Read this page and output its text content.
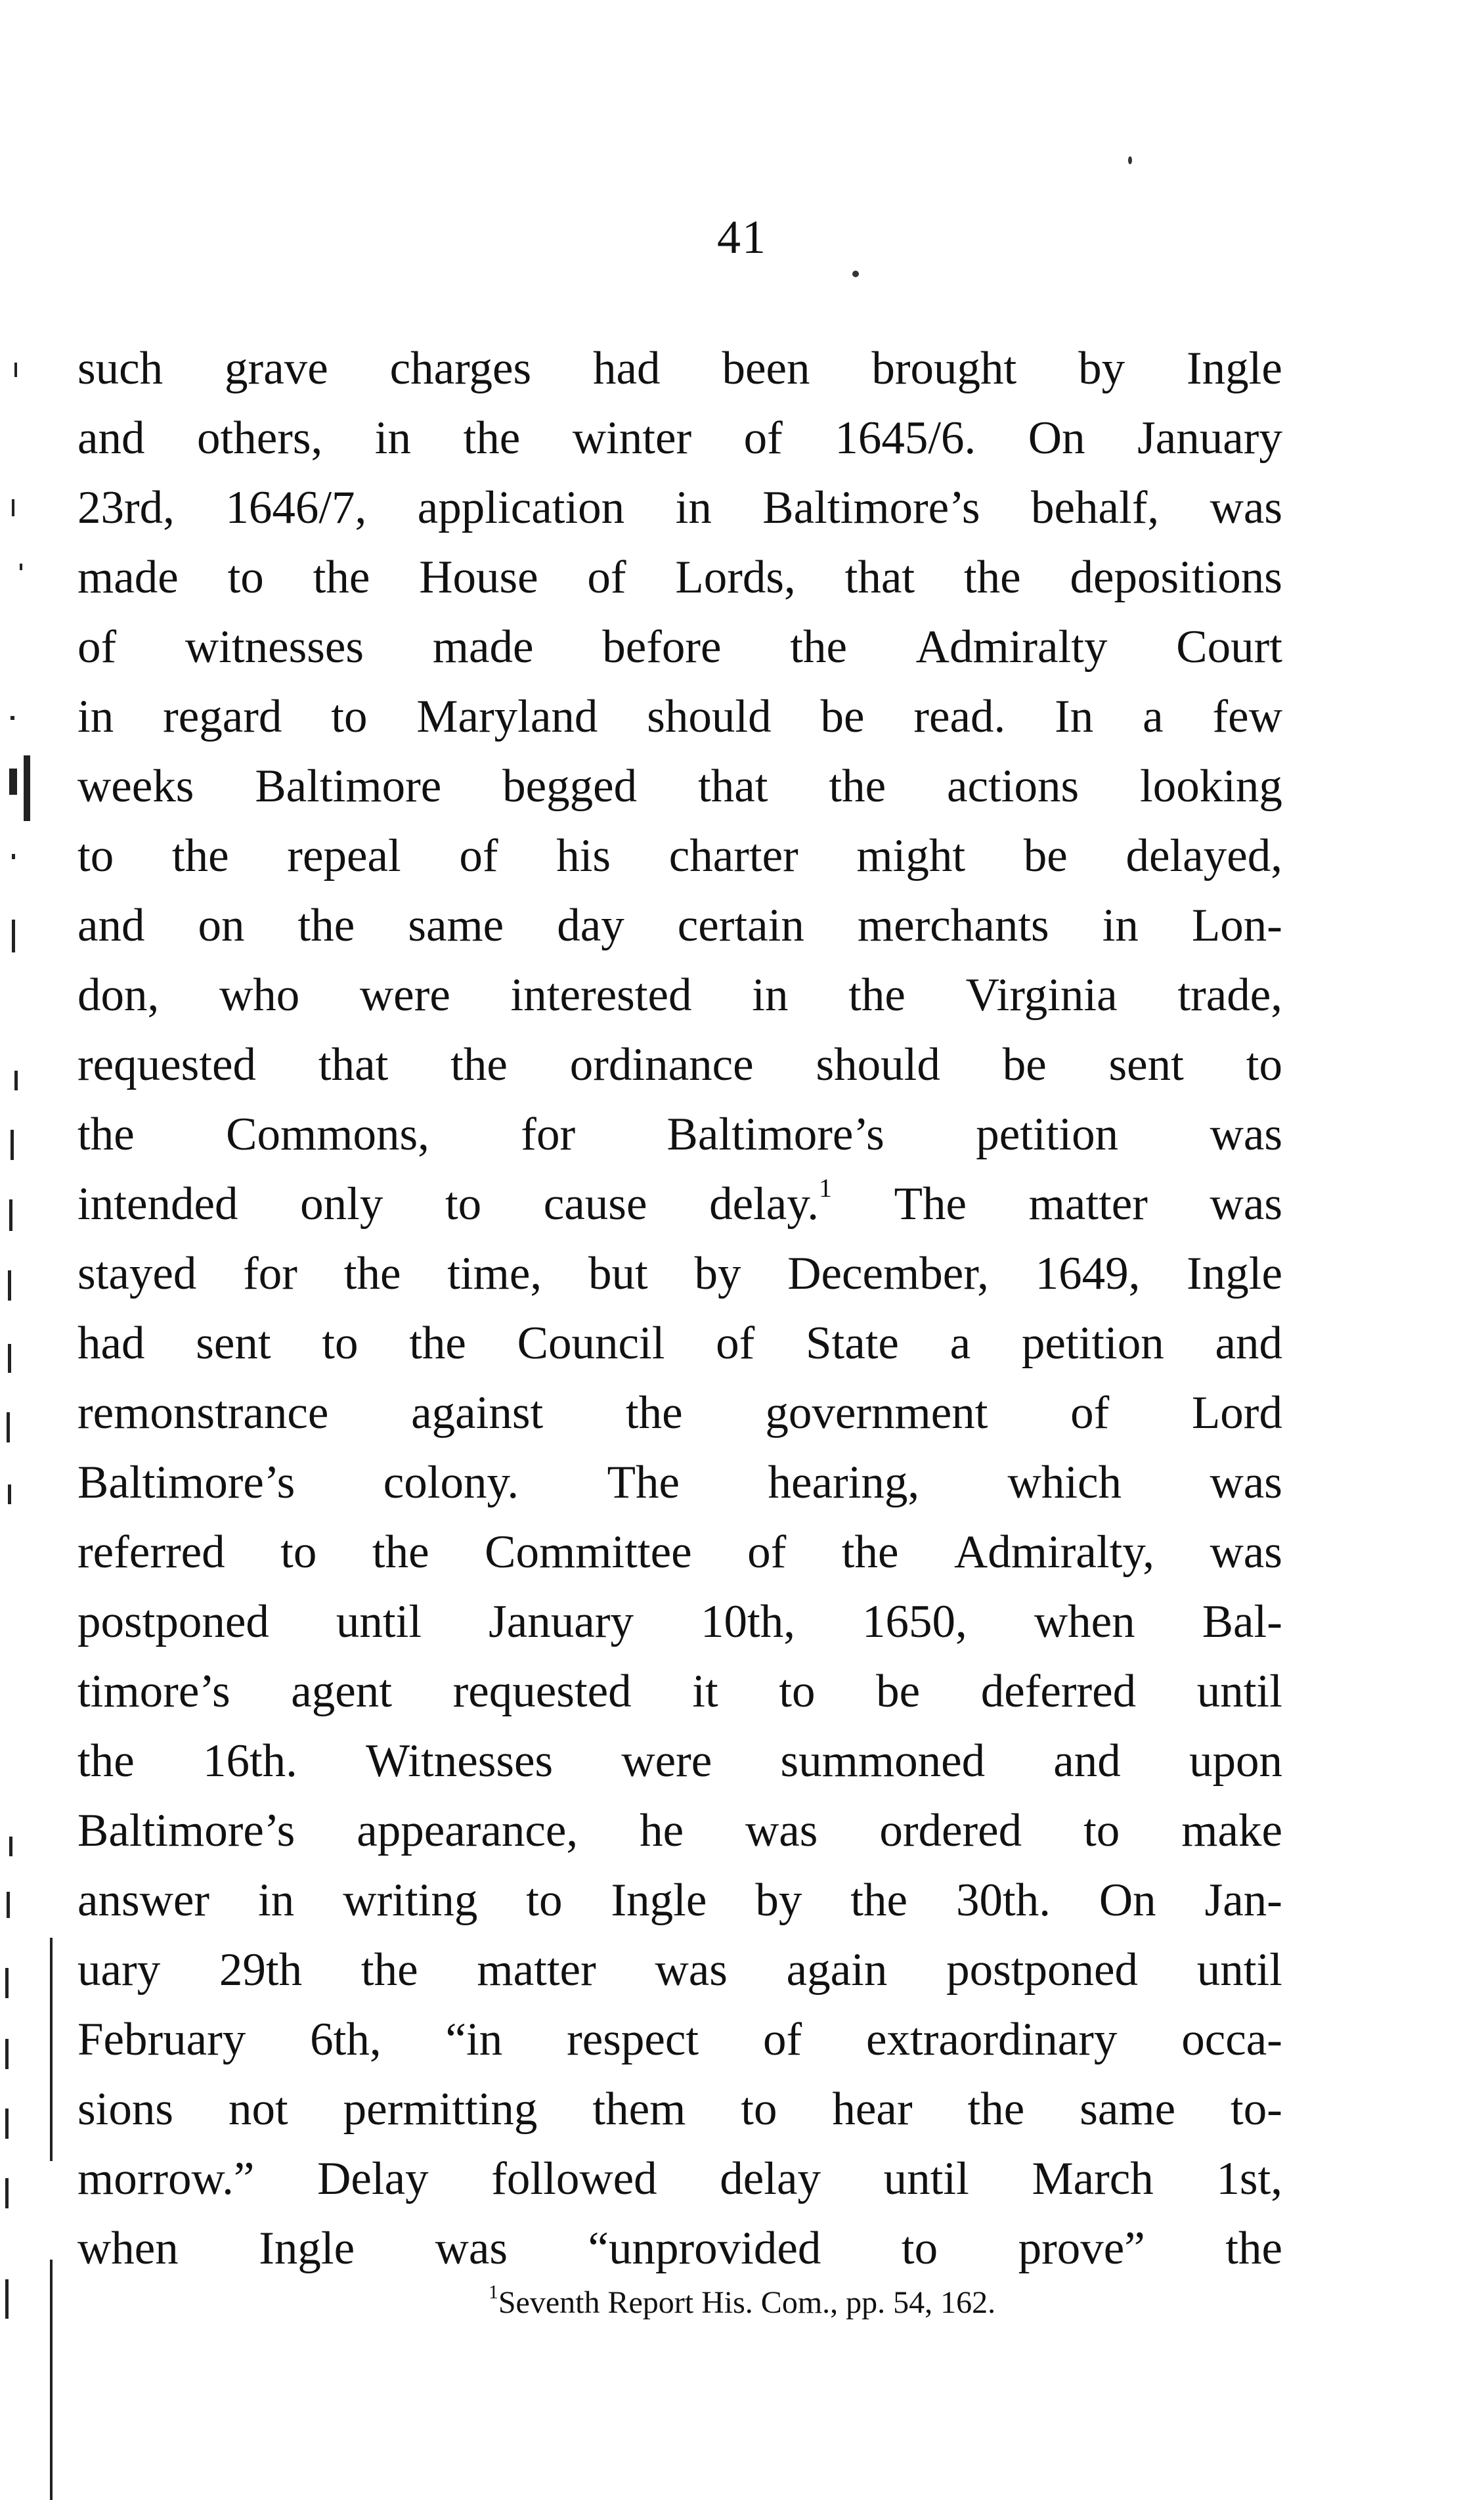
41
such grave charges had been brought by Ingle
and others, in the winter of 1645/6. On January
23rd, 1646/7, application in Baltimore’s behalf, was
made to the House of Lords, that the depositions
of witnesses made before the Admiralty Court
in regard to Maryland should be read. In a few
weeks Baltimore begged that the actions looking
to the repeal of his charter might be delayed,
and on the same day certain merchants in Lon-
don, who were interested in the Virginia trade,
requested that the ordinance should be sent to
the Commons, for Baltimore’s petition was
intended only to cause delay.$^1$ The matter was
stayed for the time, but by December, 1649, Ingle
had sent to the Council of State a petition and
remonstrance against the government of Lord
Baltimore’s colony. The hearing, which was
referred to the Committee of the Admiralty, was
postponed until January 10th, 1650, when Bal-
timore’s agent requested it to be deferred until
the 16th. Witnesses were summoned and upon
Baltimore’s appearance, he was ordered to make
answer in writing to Ingle by the 30th. On Jan-
uary 29th the matter was again postponed until
February 6th, “in respect of extraordinary occa-
sions not permitting them to hear the same to-
morrow.” Delay followed delay until March 1st,
when Ingle was “unprovided to prove” the
$^1$Seventh Report His. Com., pp. 54, 162.
